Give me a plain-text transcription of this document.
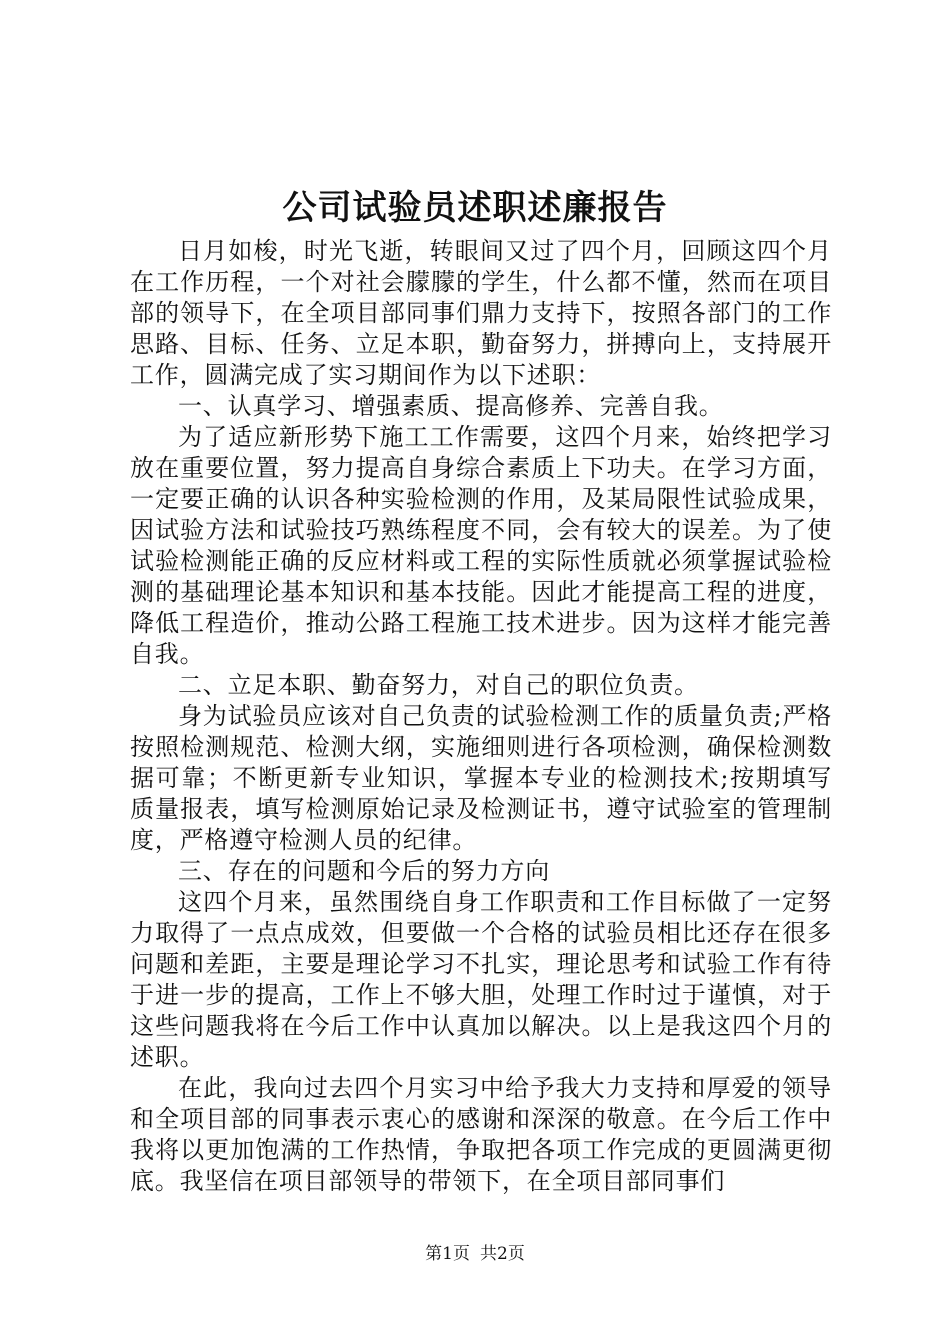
公司试验员述职述廉报告

日月如梭，时光飞逝，转眼间又过了四个月，回顾这四个月在工作历程，一个对社会朦朦的学生，什么都不懂，然而在项目部的领导下，在全项目部同事们鼎力支持下，按照各部门的工作思路、目标、任务、立足本职，勤奋努力，拼搏向上，支持展开工作，圆满完成了实习期间作为以下述职：

一、认真学习、增强素质、提高修养、完善自我。

为了适应新形势下施工工作需要，这四个月来，始终把学习放在重要位置，努力提高自身综合素质上下功夫。在学习方面，一定要正确的认识各种实验检测的作用，及某局限性试验成果，因试验方法和试验技巧熟练程度不同，会有较大的误差。为了使试验检测能正确的反应材料或工程的实际性质就必须掌握试验检测的基础理论基本知识和基本技能。因此才能提高工程的进度，降低工程造价，推动公路工程施工技术进步。因为这样才能完善自我。

二、立足本职、勤奋努力，对自己的职位负责。

身为试验员应该对自己负责的试验检测工作的质量负责;严格按照检测规范、检测大纲，实施细则进行各项检测，确保检测数据可靠；不断更新专业知识，掌握本专业的检测技术;按期填写质量报表，填写检测原始记录及检测证书，遵守试验室的管理制度，严格遵守检测人员的纪律。

三、存在的问题和今后的努力方向

这四个月来，虽然围绕自身工作职责和工作目标做了一定努力取得了一点点成效，但要做一个合格的试验员相比还存在很多问题和差距，主要是理论学习不扎实，理论思考和试验工作有待于进一步的提高，工作上不够大胆，处理工作时过于谨慎，对于这些问题我将在今后工作中认真加以解决。以上是我这四个月的述职。

在此，我向过去四个月实习中给予我大力支持和厚爱的领导和全项目部的同事表示衷心的感谢和深深的敬意。在今后工作中我将以更加饱满的工作热情，争取把各项工作完成的更圆满更彻底。我坚信在项目部领导的带领下，在全项目部同事们

第1页 共2页
